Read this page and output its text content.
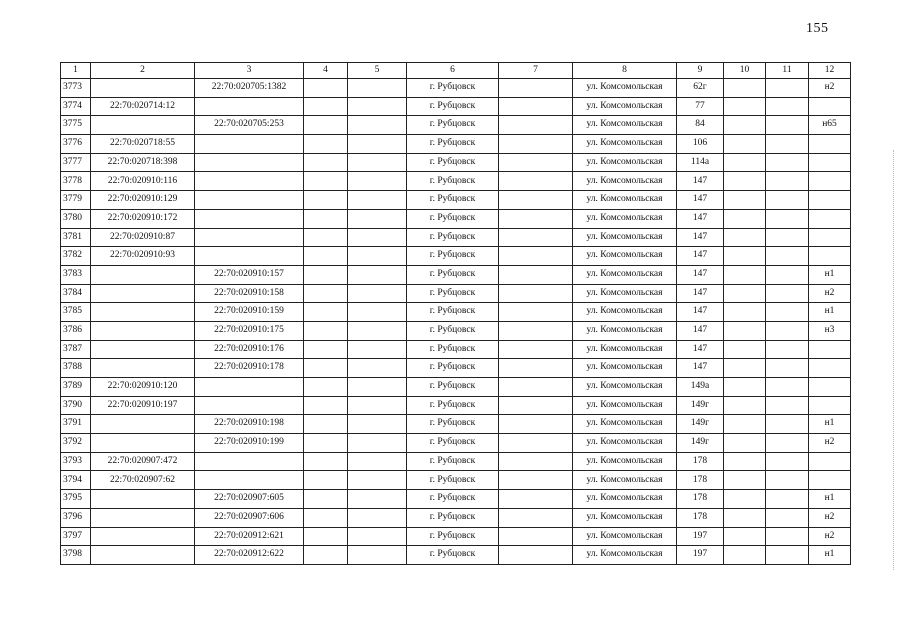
155
1	2	3	4	5	6	7	8	9	10	11	12
3773		22:70:020705:1382			г. Рубцовск		ул. Комсомольская	62г			н2
3774	22:70:020714:12				г. Рубцовск		ул. Комсомольская	77			
3775		22:70:020705:253			г. Рубцовск		ул. Комсомольская	84			н65
3776	22:70:020718:55				г. Рубцовск		ул. Комсомольская	106			
3777	22:70:020718:398				г. Рубцовск		ул. Комсомольская	114а			
3778	22:70:020910:116				г. Рубцовск		ул. Комсомольская	147			
3779	22:70:020910:129				г. Рубцовск		ул. Комсомольская	147			
3780	22:70:020910:172				г. Рубцовск		ул. Комсомольская	147			
3781	22:70:020910:87				г. Рубцовск		ул. Комсомольская	147			
3782	22:70:020910:93				г. Рубцовск		ул. Комсомольская	147			
3783		22:70:020910:157			г. Рубцовск		ул. Комсомольская	147			н1
3784		22:70:020910:158			г. Рубцовск		ул. Комсомольская	147			н2
3785		22:70:020910:159			г. Рубцовск		ул. Комсомольская	147			н1
3786		22:70:020910:175			г. Рубцовск		ул. Комсомольская	147			н3
3787		22:70:020910:176			г. Рубцовск		ул. Комсомольская	147			
3788		22:70:020910:178			г. Рубцовск		ул. Комсомольская	147			
3789	22:70:020910:120				г. Рубцовск		ул. Комсомольская	149а			
3790	22:70:020910:197				г. Рубцовск		ул. Комсомольская	149г			
3791		22:70:020910:198			г. Рубцовск		ул. Комсомольская	149г			н1
3792		22:70:020910:199			г. Рубцовск		ул. Комсомольская	149г			н2
3793	22:70:020907:472				г. Рубцовск		ул. Комсомольская	178			
3794	22:70:020907:62				г. Рубцовск		ул. Комсомольская	178			
3795		22:70:020907:605			г. Рубцовск		ул. Комсомольская	178			н1
3796		22:70:020907:606			г. Рубцовск		ул. Комсомольская	178			н2
3797		22:70:020912:621			г. Рубцовск		ул. Комсомольская	197			н2
3798		22:70:020912:622			г. Рубцовск		ул. Комсомольская	197			н1
